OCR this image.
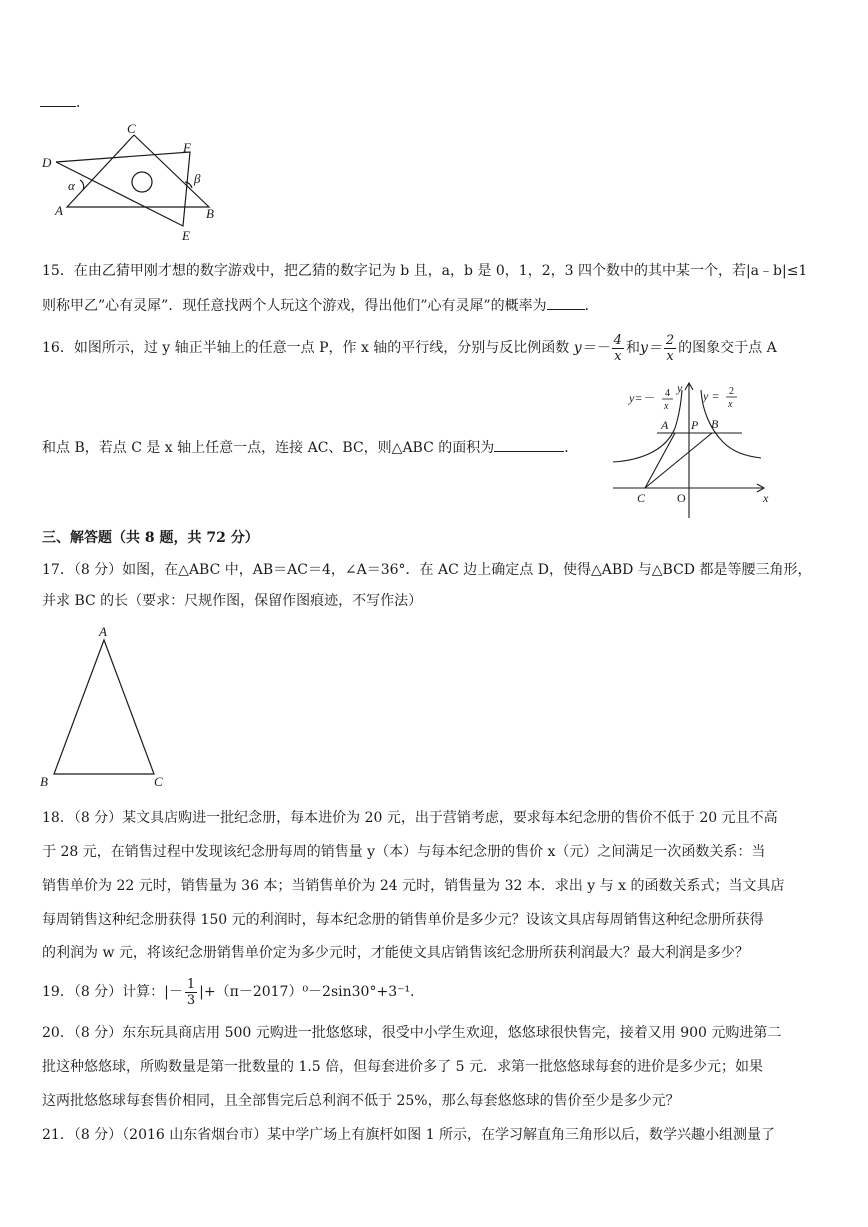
．
C
F
D
α	β
A	B
E
15．在由乙猜甲刚才想的数字游戏中，把乙猜的数字记为 b 且，a，b 是 0，1，2，3 四个数中的其中某一个，若|a﹣b|≤1
则称甲乙”心有灵犀”．现任意找两个人玩这个游戏，得出他们”心有灵犀”的概率为	．
16．如图所示，过 y 轴正半轴上的任意一点 P，作 x 轴的平行线，分别与反比例函数 $y=- \frac{4}{x}$ 和$y= \frac{2}{x}$ 的图象交于点 A
和点 B，若点 C 是 x 轴上任意一点，连接 AC、BC，则△ABC 的面积为	．
y=－ 4
x
y
y = 2
x
A P B
C	O	x
三、解答题（共 8 题，共 72 分）
17．（8 分）如图，在△ABC 中，AB＝AC＝4，∠A＝36°．在 AC 边上确定点 D，使得△ABD 与△BCD 都是等腰三角形，
并求 BC 的长（要求：尺规作图，保留作图痕迹，不写作法）
A
B	C
18．（8 分）某文具店购进一批纪念册，每本进价为 20 元，出于营销考虑，要求每本纪念册的售价不低于 20 元且不高
于 28 元，在销售过程中发现该纪念册每周的销售量 y（本）与每本纪念册的售价 x（元）之间满足一次函数关系：当
销售单价为 22 元时，销售量为 36 本；当销售单价为 24 元时，销售量为 32 本．求出 y 与 x 的函数关系式；当文具店
每周销售这种纪念册获得 150 元的利润时，每本纪念册的销售单价是多少元？设该文具店每周销售这种纪念册所获得
的利润为 w 元，将该纪念册销售单价定为多少元时，才能使文具店销售该纪念册所获利润最大？最大利润是多少？
19．（8 分）计算：|－ $\frac{1}{3} |+(\pi-2017)^0-2\sin 30^\circ+3^{-1}$．
20．（8 分）东东玩具商店用 500 元购进一批悠悠球，很受中小学生欢迎，悠悠球很快售完，接着又用 900 元购进第二
批这种悠悠球，所购数量是第一批数量的 1.5 倍，但每套进价多了 5 元．求第一批悠悠球每套的进价是多少元；如果
这两批悠悠球每套售价相同，且全部售完后总利润不低于 25%，那么每套悠悠球的售价至少是多少元？
21．（8 分）（2016 山东省烟台市）某中学广场上有旗杆如图 1 所示，在学习解直角三角形以后，数学兴趣小组测量了
